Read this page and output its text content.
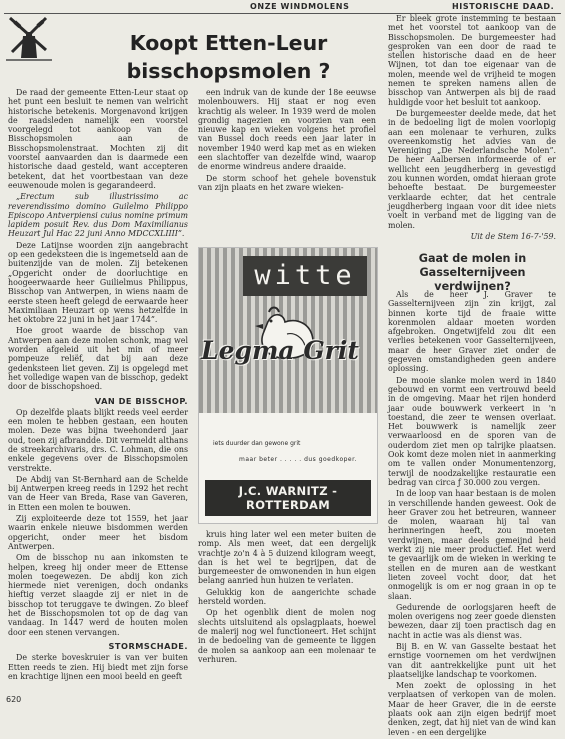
ONZE WINDMOLENS	HISTORISCHE DAAD.
Koopt Etten-Leur
bisschopsmolen ?

De raad der gemeente Etten-Leur staat op het punt een besluit te nemen van welricht historische betekenis. Morgenavond krijgen de raadsleden namelijk een voorstel voorgelegd tot aankoop van de Bisschopsmolen aan de Bisschopsmolenstraat. Mochten zij dit voorstel aanvaarden dan is daarmede een historische daad gesteld, want accepteren betekent, dat het voortbestaan van deze eeuwenoude molen is gegarandeerd.

„Erectum sub illustrissimo ac reverendissimo domino Guilelmo Philippo Episcopo Antverpiensi cuius nomine primum lapidem posuit Rev. dus Dom Maximilianus Heuzart Jul Hac 22 juni Anno MDCCXLIIII”.

Deze Latijnse woorden zijn aangebracht op een gedeksteen die is ingemetseld aan de buitenzijde van de molen. Zij betekenen „Opgericht onder de doorluchtige en hoogeerwaarde heer Guilielmus Philippus, Bisschop van Antwerpen, in wiens naam de eerste steen heeft gelegd de eerwaarde heer Maximiliaan Heuzart op wens hetzelfde in het oktobre 22 juni in het jaar 1744”.

Hoe groot waarde de bisschop van Antwerpen aan deze molen schonk, mag wel worden afgeleid uit het min of meer pompeuze reliëf, dat bij aan deze gedenksteen liet geven. Zij is opgelegd met het volledige wapen van de bisschop, gedekt door de bisschopshoed.

VAN DE BISSCHOP.

Op dezelfde plaats blijkt reeds veel eerder een molen te hebben gestaan, een houten molen. Deze was bijna tweehonderd jaar oud, toen zij afbrandde. Dit vermeldt althans de streekarchivaris, drs. C. Lohman, die ons enkele gegevens over de Bisschopsmolen verstrekte.

De Abdij van St-Bernhard aan de Schelde bij Antwerpen kreeg reeds in 1292 het recht van de Heer van Breda, Rase van Gaveren, in Etten een molen te bouwen.

Zij exploiteerde deze tot 1559, het jaar waarin enkele nieuwe bisdommen werden opgericht, onder meer het bisdom Antwerpen.

Om de bisschop nu aan inkomsten te helpen, kreeg hij onder meer de Ettense molen toegewezen. De abdij kon zich hiermede niet verenigen, doch ondanks hieftig verzet slaagde zij er niet in de bisschop tot teruggave te dwingen. Zo bleef het de Bisschopsmolen tot op de dag van vandaag. In 1447 werd de houten molen door een stenen vervangen.

STORMSCHADE.

De sterke boveskruier is van ver buiten Etten reeds te zien. Hij biedt met zijn forse en krachtige lijnen een mooi beeld en geeft

een indruk van de kunde der 18e eeuwse molenbouwers. Hij staat er nog even krachtig als weleer. In 1939 werd de molen grondig nagezien en voorzien van een nieuwe kap en wieken volgens het profiel van Bussel doch reeds een jaar later in november 1940 werd kap met as en wieken een slachtoffer van dezelfde wind, waarop de enorme windreus andere draaide.

De storm schoof het gehele bovenstuk van zijn plaats en het zware wieken-

witte
Legma Grit
iets duurder dan gewone grit
maar beter . . . . . dus goedkoper.
J.C. WARNITZ - ROTTERDAM
ROTTERDAMSEDIJKWEG 180 TEL:47126

kruis hing later wel een meter buiten de romp. Als men weet, dat een dergelijk vrachtje zo'n 4 à 5 duizend kilogram weegt, dan is het wel te begrijpen, dat de burgemeester de omwonenden in hun eigen belang aanried hun huizen te verlaten.

Gelukkig kon de aangerichte schade hersteld worden.

Op het ogenblik dient de molen nog slechts uitsluitend als opslagplaats, hoewel de malerij nog wel functioneert. Het schijnt in de bedoeling van de gemeente te liggen de molen sa aankoop aan een molenaar te verhuren.

Er bleek grote instemming te bestaan met het voorstel tot aankoop van de Bisschopsmolen. De burgemeester had gesproken van een door de raad te stellen historische daad en de heer Wijnen, tot dan toe eigenaar van de molen, meende wel de vrijheid te mogen nemen te spreken namens allen de bisschop van Antwerpen als bij de raad huldigde voor het besluit tot aankoop.

De burgemeester deelde mede, dat het in de bedoeling ligt de molen voorlopig aan een molenaar te verhuren, zulks overeenkomstig het advies van de Vereniging „De Nederlandsche Molen”. De heer Aalbersen informeerde of er wellicht een jeugdherberg in gevestigd zou kunnen worden, omdat hieraan grote behoefte bestaat. De burgemeester verklaarde echter, dat het centrale jeugdherberg ingaan voor dit idee niets voelt in verband met de ligging van de molen.

Uit de Stem 16-7-'59.
Gaat de molen in Gasselternijveen verdwijnen?

Als de heer J. Graver te Gasselternijveen zijn zin krijgt, zal binnen korte tijd de fraaie witte korenmolen aldaar moeten worden afgebroken. Ongetwijfeld zou dit een verlies betekenen voor Gasselternijveen, maar de heer Graver ziet onder de gegeven omstandigheden geen andere oplossing.

De mooie slanke molen werd in 1840 gebouwd en vormt een vertrouwd beeld in de omgeving. Maar het rijen honderd jaar oude bouwwerk verkeert in 'n toestand, die zeer te wensen overlaat. Het bouwwerk is namelijk zeer verwaarloosd en de sporen van de ouderdom ziet men op talrijke plaatsen. Ook komt deze molen niet in aanmerking om te vallen onder Monumentenzorg, terwijl de noodzakelijke restauratie een bedrag van circa ƒ 30.000 zou vergen.

In de loop van haar bestaan is de molen in verschillende handen geweest. Ook de heer Graver zou het betreuren, wanneer de molen, waaraan hij tal van herinneringen heeft, zou moeten verdwijnen, maar deels gemeijnd heid werkt zij nie meer productief. Het werd te gevaarlijk om de wieken in werking te stellen en de muren aan de westkant lieten zoveel vocht door, dat het onmogelijk is om er nog graan in op te slaan.

Gedurende de oorlogsjaren heeft de molen overigens nog zeer goede diensten bewezen, daar zij toen practisch dag en nacht in actie was als dienst was.

Bij B. en W. van Gasselte bestaat het ernstige voornemen om het verdwijnen van dit aantrekkelijke punt uit het plaatselijke landschap te voorkomen.

Men zoekt de oplossing in het verplaatsen of verkopen van de molen. Maar de heer Graver, die in de eerste plaats ook aan zijn eigen bedrijf moet denken, zegt, dat hij niet van de wind kan leven - en een dergelijke

620
